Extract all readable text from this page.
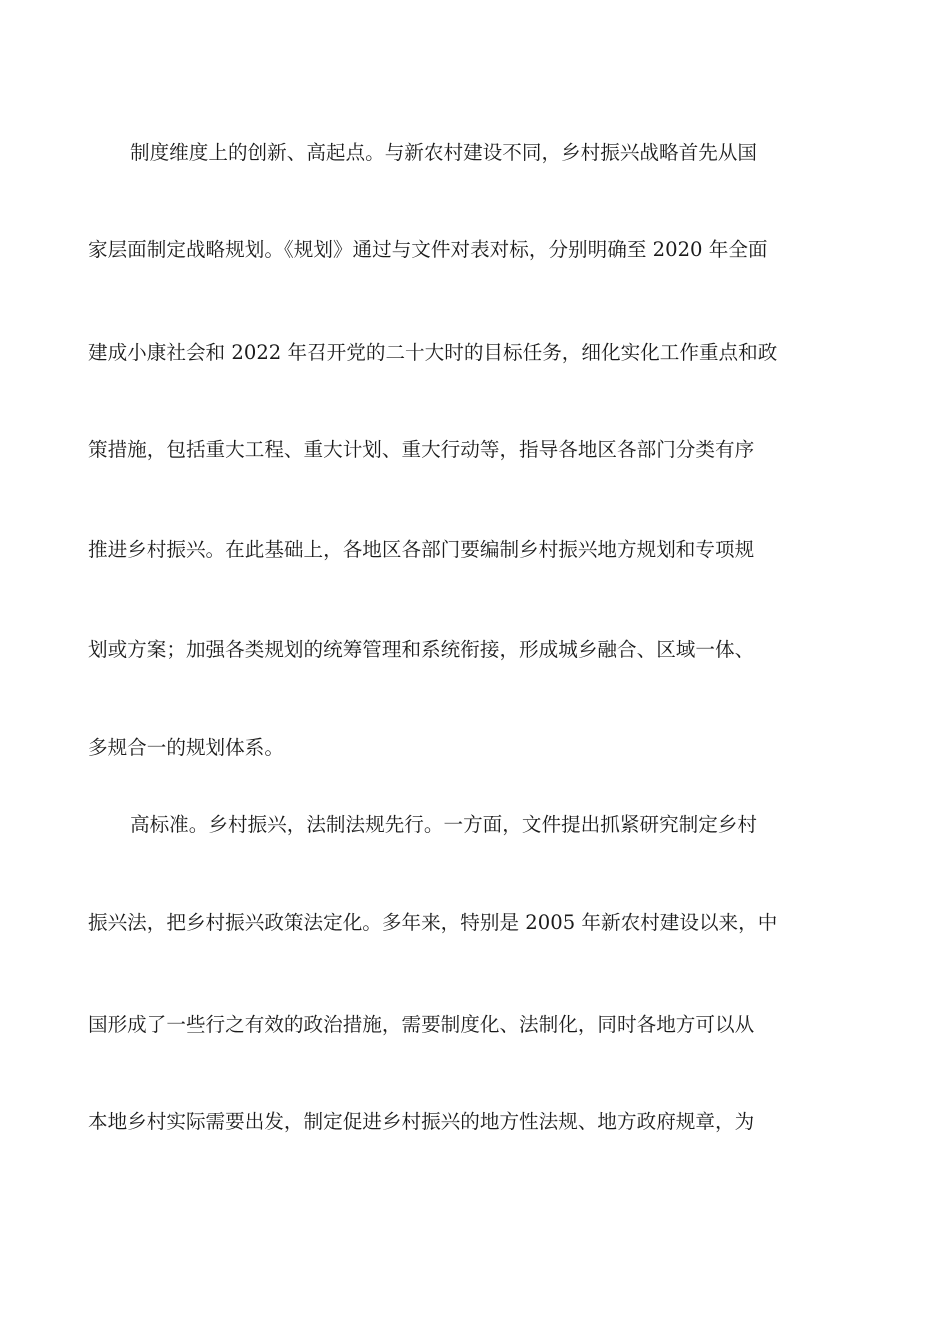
制度维度上的创新、高起点。与新农村建设不同，乡村振兴战略首先从国
家层面制定战略规划。《规划》通过与文件对表对标，分别明确至 2020 年全面
建成小康社会和 2022 年召开党的二十大时的目标任务，细化实化工作重点和政
策措施，包括重大工程、重大计划、重大行动等，指导各地区各部门分类有序
推进乡村振兴。在此基础上，各地区各部门要编制乡村振兴地方规划和专项规
划或方案；加强各类规划的统筹管理和系统衔接，形成城乡融合、区域一体、
多规合一的规划体系。
高标准。乡村振兴，法制法规先行。一方面，文件提出抓紧研究制定乡村
振兴法，把乡村振兴政策法定化。多年来，特别是 2005 年新农村建设以来，中
国形成了一些行之有效的政治措施，需要制度化、法制化，同时各地方可以从
本地乡村实际需要出发，制定促进乡村振兴的地方性法规、地方政府规章，为
